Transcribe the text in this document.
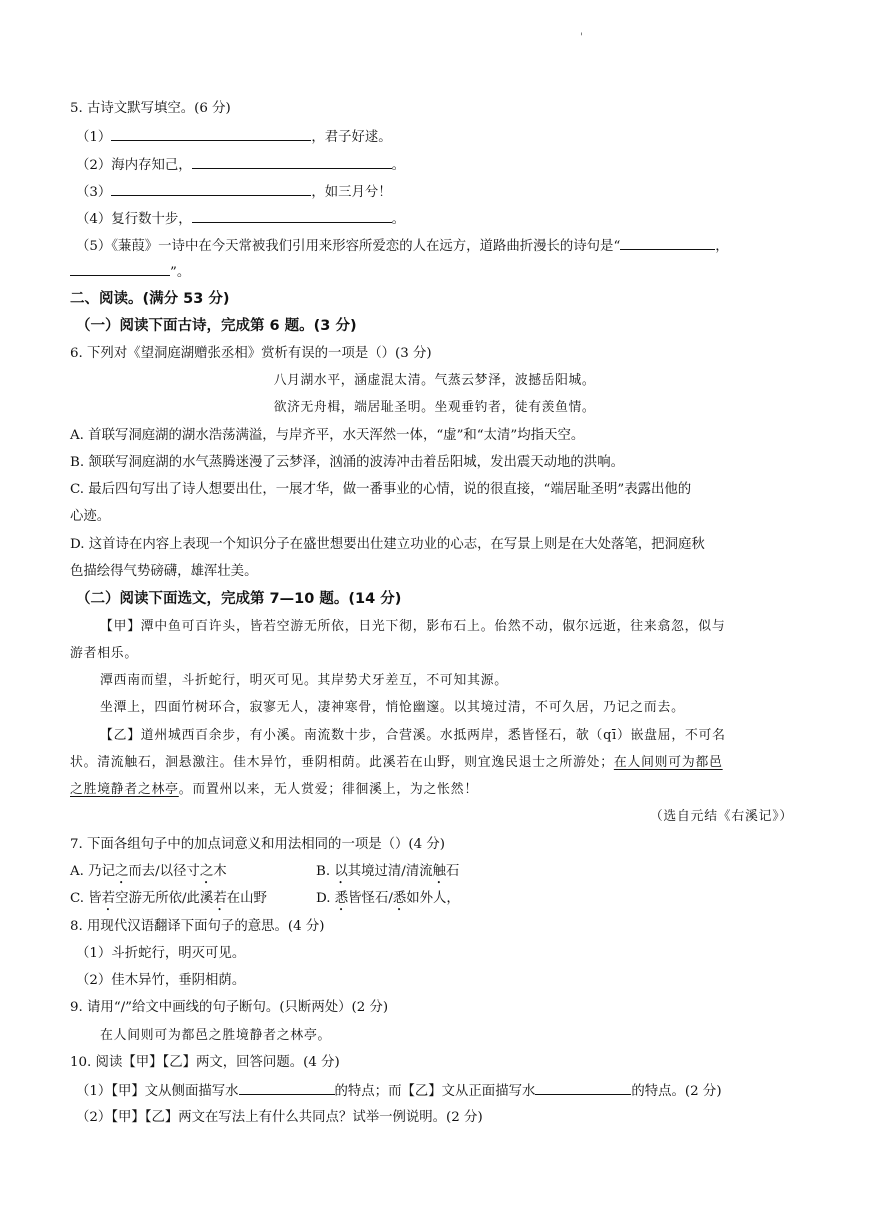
'
5. 古诗文默写填空。(6 分)
（1）	，君子好逑。
（2）海内存知己，	。
（3）	，如三月兮！
（4）复行数十步，	。
（5）《蒹葭》一诗中在今天常被我们引用来形容所爱恋的人在远方，道路曲折漫长的诗句是“	，
”。
二、阅读。(满分 53 分)
（一）阅读下面古诗，完成第 6 题。(3 分)
6. 下列对《望洞庭湖赠张丞相》赏析有误的一项是（）(3 分)
八月湖水平，涵虚混太清。气蒸云梦泽，波撼岳阳城。
欲济无舟楫，端居耻圣明。坐观垂钓者，徒有羡鱼情。
A. 首联写洞庭湖的湖水浩荡满溢，与岸齐平，水天浑然一体，“虚”和“太清”均指天空。
B. 颔联写洞庭湖的水气蒸腾迷漫了云梦泽，汹涌的波涛冲击着岳阳城，发出震天动地的洪响。
C. 最后四句写出了诗人想要出仕，一展才华，做一番事业的心情，说的很直接，“端居耻圣明”表露出他的
心迹。
D. 这首诗在内容上表现一个知识分子在盛世想要出仕建立功业的心志，在写景上则是在大处落笔，把洞庭秋
色描绘得气势磅礴，雄浑壮美。
（二）阅读下面选文，完成第 7—10 题。(14 分)
【甲】潭中鱼可百许头，皆若空游无所依，日光下彻，影布石上。佁然不动，俶尔远逝，往来翕忽，似与
游者相乐。
潭西南而望，斗折蛇行，明灭可见。其岸势犬牙差互，不可知其源。
坐潭上，四面竹树环合，寂寥无人，凄神寒骨，悄怆幽邃。以其境过清，不可久居，乃记之而去。
【乙】道州城西百余步，有小溪。南流数十步，合营溪。水抵两岸，悉皆怪石，欹（qī）嵌盘屈，不可名
状。清流触石，洄悬激注。佳木异竹，垂阴相荫。此溪若在山野，则宜逸民退士之所游处；在人间则可为都邑
之胜境静者之林亭。而置州以来，无人赏爱；徘徊溪上，为之怅然！
（选自元结《右溪记》）
7. 下面各组句子中的加点词意义和用法相同的一项是（）(4 分)
A. 乃记之而去/以径寸之木	B. 以其境过清/清流触石
C. 皆若空游无所依/此溪若在山野	D. 悉皆怪石/悉如外人，
8. 用现代汉语翻译下面句子的意思。(4 分)
（1）斗折蛇行，明灭可见。
（2）佳木异竹，垂阴相荫。
9. 请用“/”给文中画线的句子断句。(只断两处）(2 分)
在人间则可为都邑之胜境静者之林亭。
10. 阅读【甲】【乙】两文，回答问题。(4 分)
（1）【甲】文从侧面描写水	的特点；而【乙】文从正面描写水	的特点。(2 分)
（2）【甲】【乙】两文在写法上有什么共同点？试举一例说明。(2 分)
